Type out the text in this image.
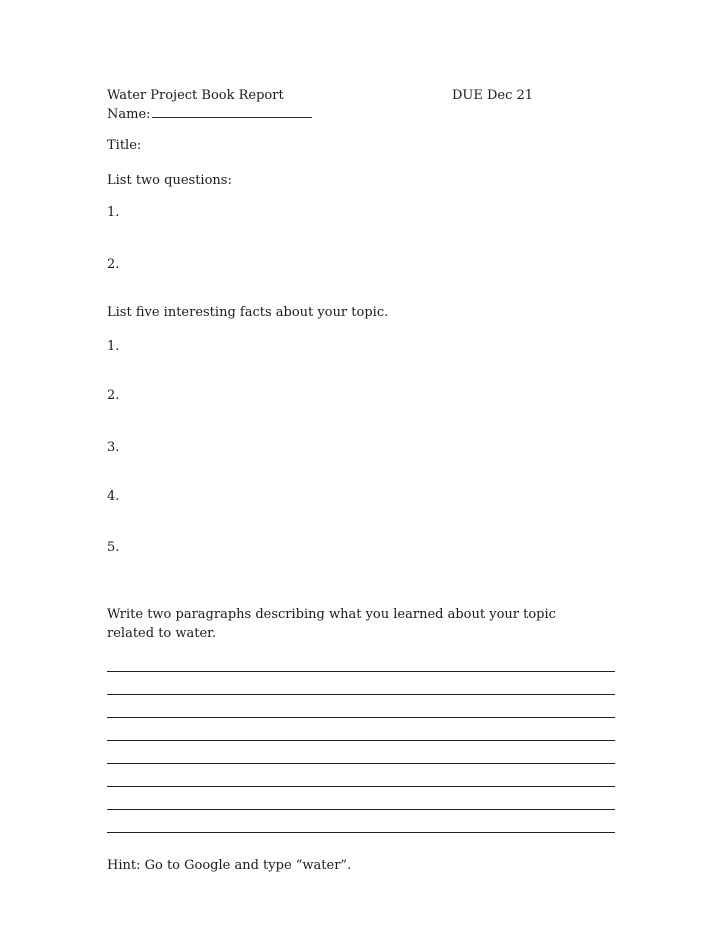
Water Project Book Report	DUE Dec 21
Name:
Title:
List two questions:
1.
2.
List five interesting facts about your topic.
1.
2.
3.
4.
5.
Write two paragraphs describing what you learned about your topic related to water.
Hint: Go to Google and type “water”.
